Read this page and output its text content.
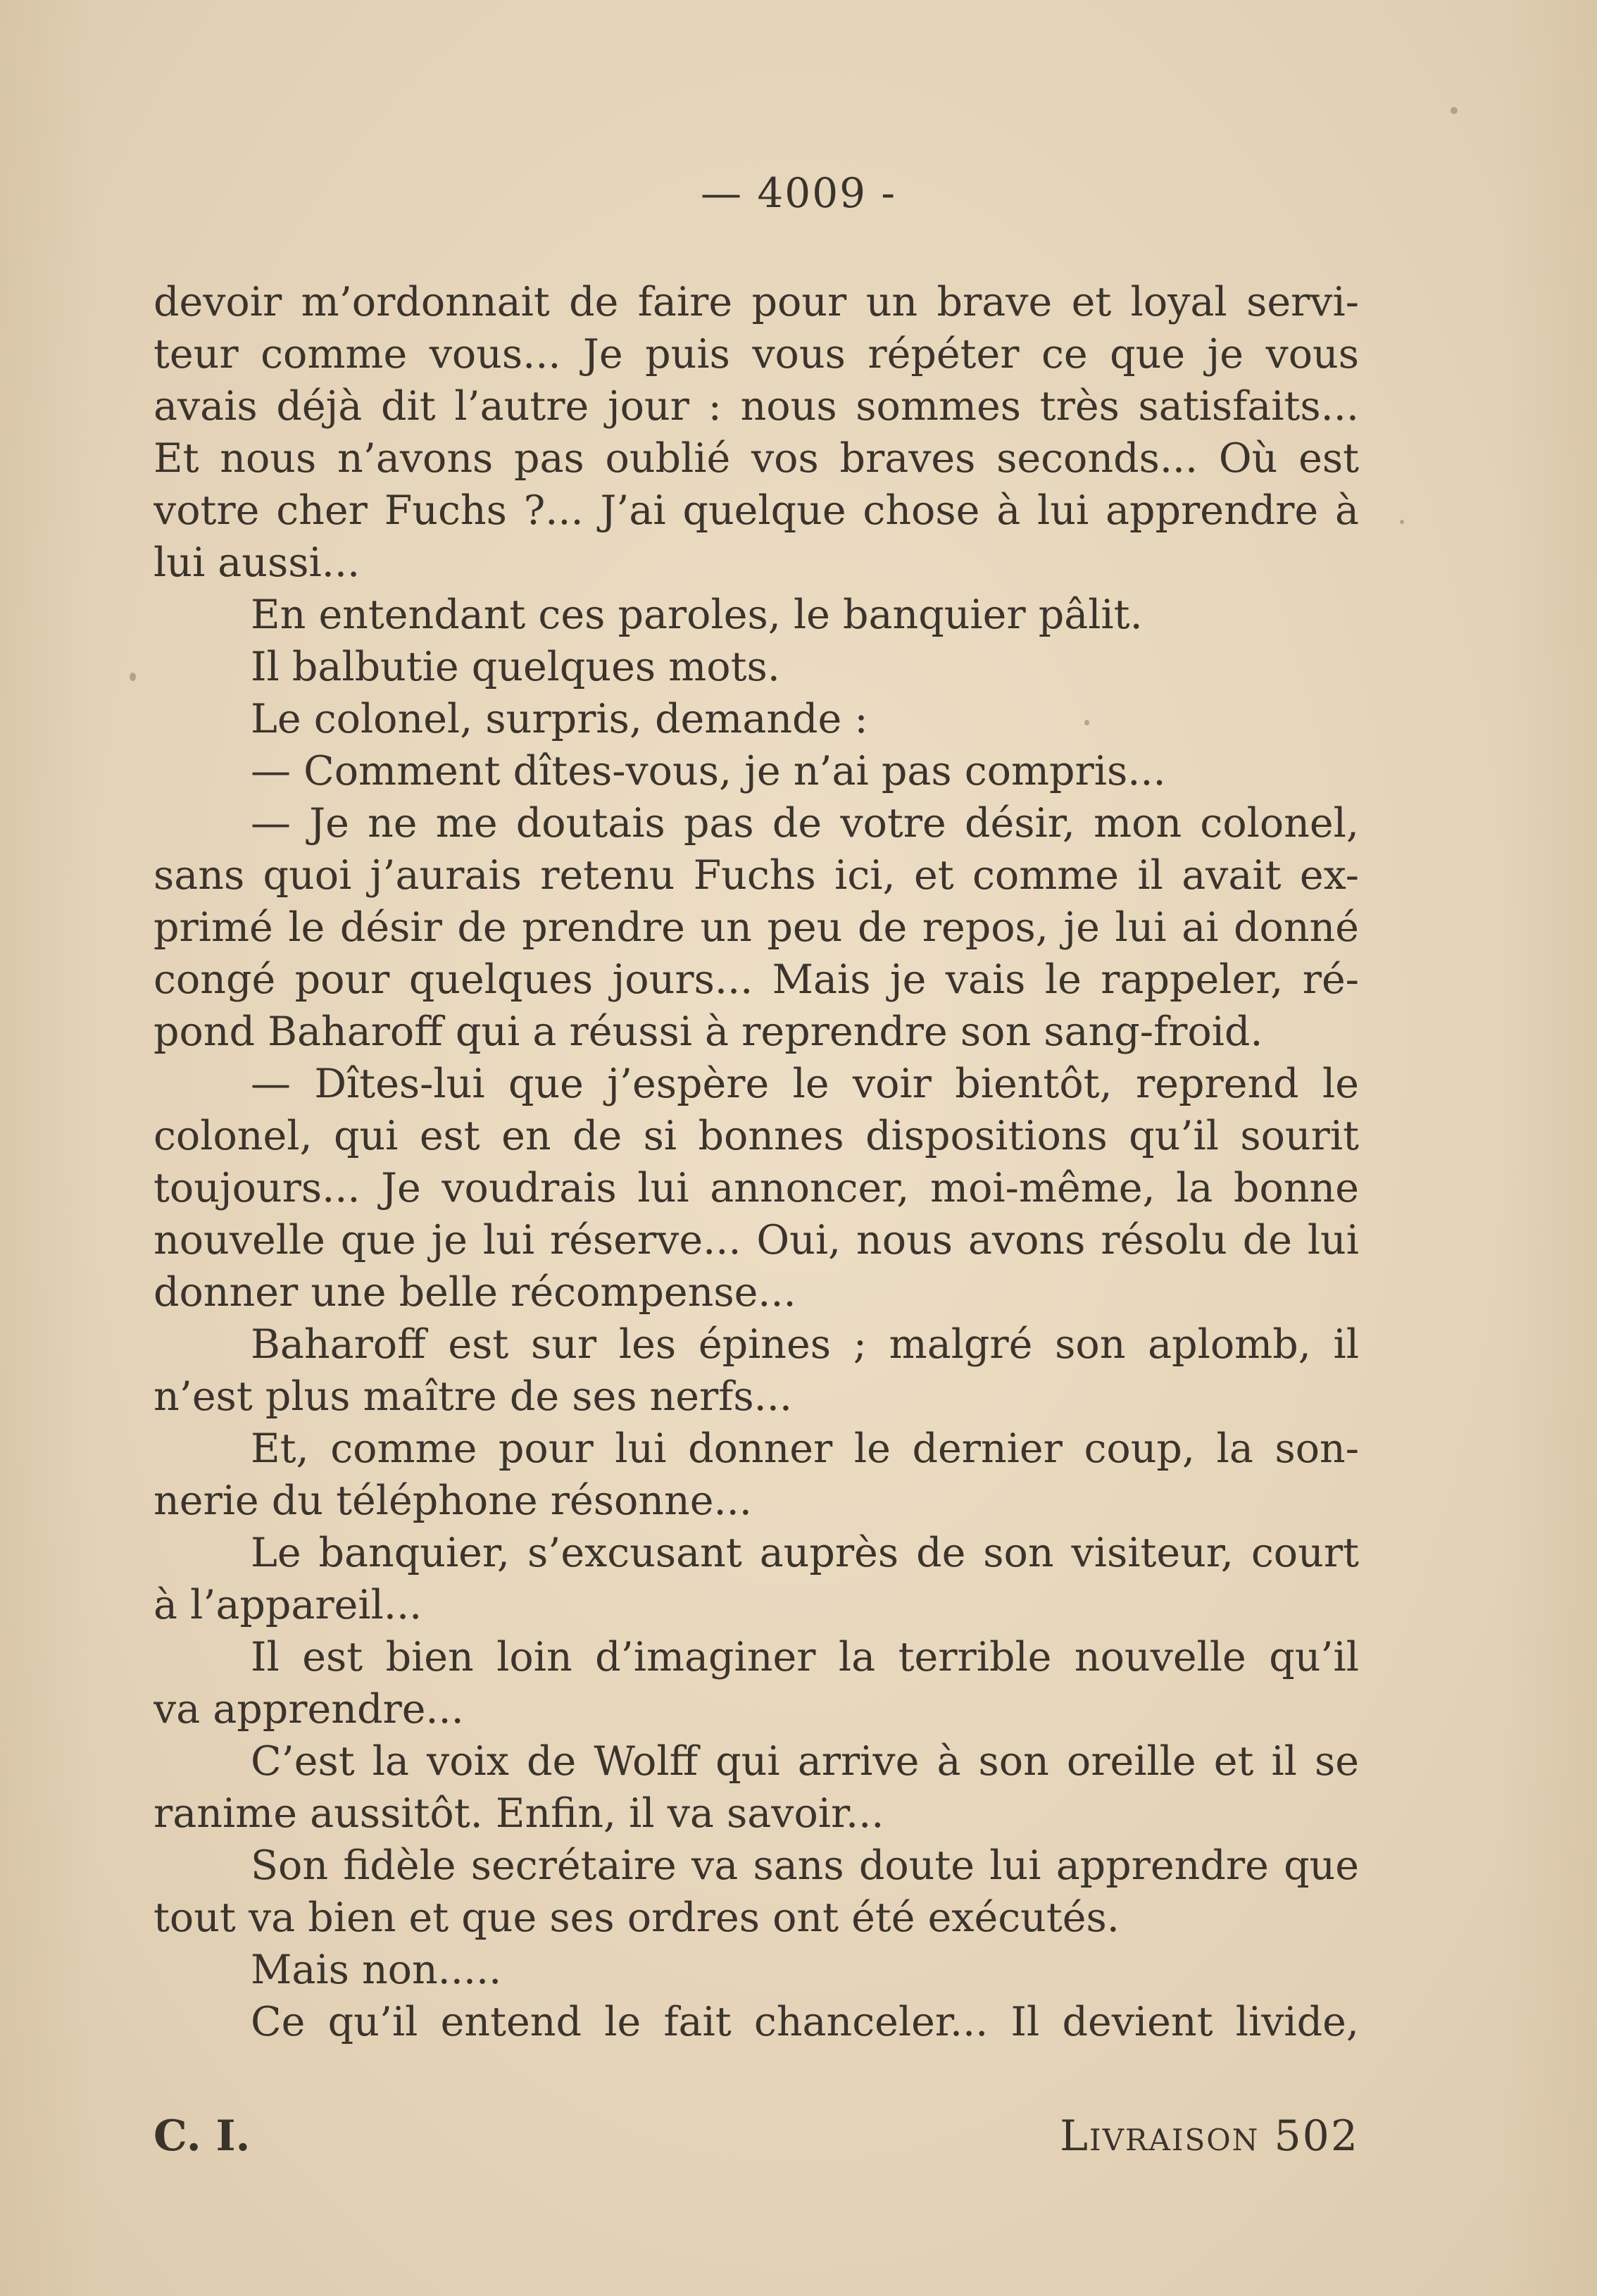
— 4009 -
devoir m’ordonnait de faire pour un brave et loyal servi-
teur comme vous... Je puis vous répéter ce que je vous
avais déjà dit l’autre jour : nous sommes très satisfaits...
Et nous n’avons pas oublié vos braves seconds... Où est
votre cher Fuchs ?... J’ai quelque chose à lui apprendre à
lui aussi...
En entendant ces paroles, le banquier pâlit.
Il balbutie quelques mots.
Le colonel, surpris, demande :
— Comment dîtes-vous, je n’ai pas compris...
— Je ne me doutais pas de votre désir, mon colonel,
sans quoi j’aurais retenu Fuchs ici, et comme il avait ex-
primé le désir de prendre un peu de repos, je lui ai donné
congé pour quelques jours... Mais je vais le rappeler, ré-
pond Baharoff qui a réussi à reprendre son sang-froid.
— Dîtes-lui que j’espère le voir bientôt, reprend le
colonel, qui est en de si bonnes dispositions qu’il sourit
toujours... Je voudrais lui annoncer, moi-même, la bonne
nouvelle que je lui réserve... Oui, nous avons résolu de lui
donner une belle récompense...
Baharoff est sur les épines ; malgré son aplomb, il
n’est plus maître de ses nerfs...
Et, comme pour lui donner le dernier coup, la son-
nerie du téléphone résonne...
Le banquier, s’excusant auprès de son visiteur, court
à l’appareil...
Il est bien loin d’imaginer la terrible nouvelle qu’il
va apprendre...
C’est la voix de Wolff qui arrive à son oreille et il se
ranime aussitôt. Enfin, il va savoir...
Son fidèle secrétaire va sans doute lui apprendre que
tout va bien et que ses ordres ont été exécutés.
Mais non.....
Ce qu’il entend le fait chanceler... Il devient livide,
C. I.	Livraison 502
